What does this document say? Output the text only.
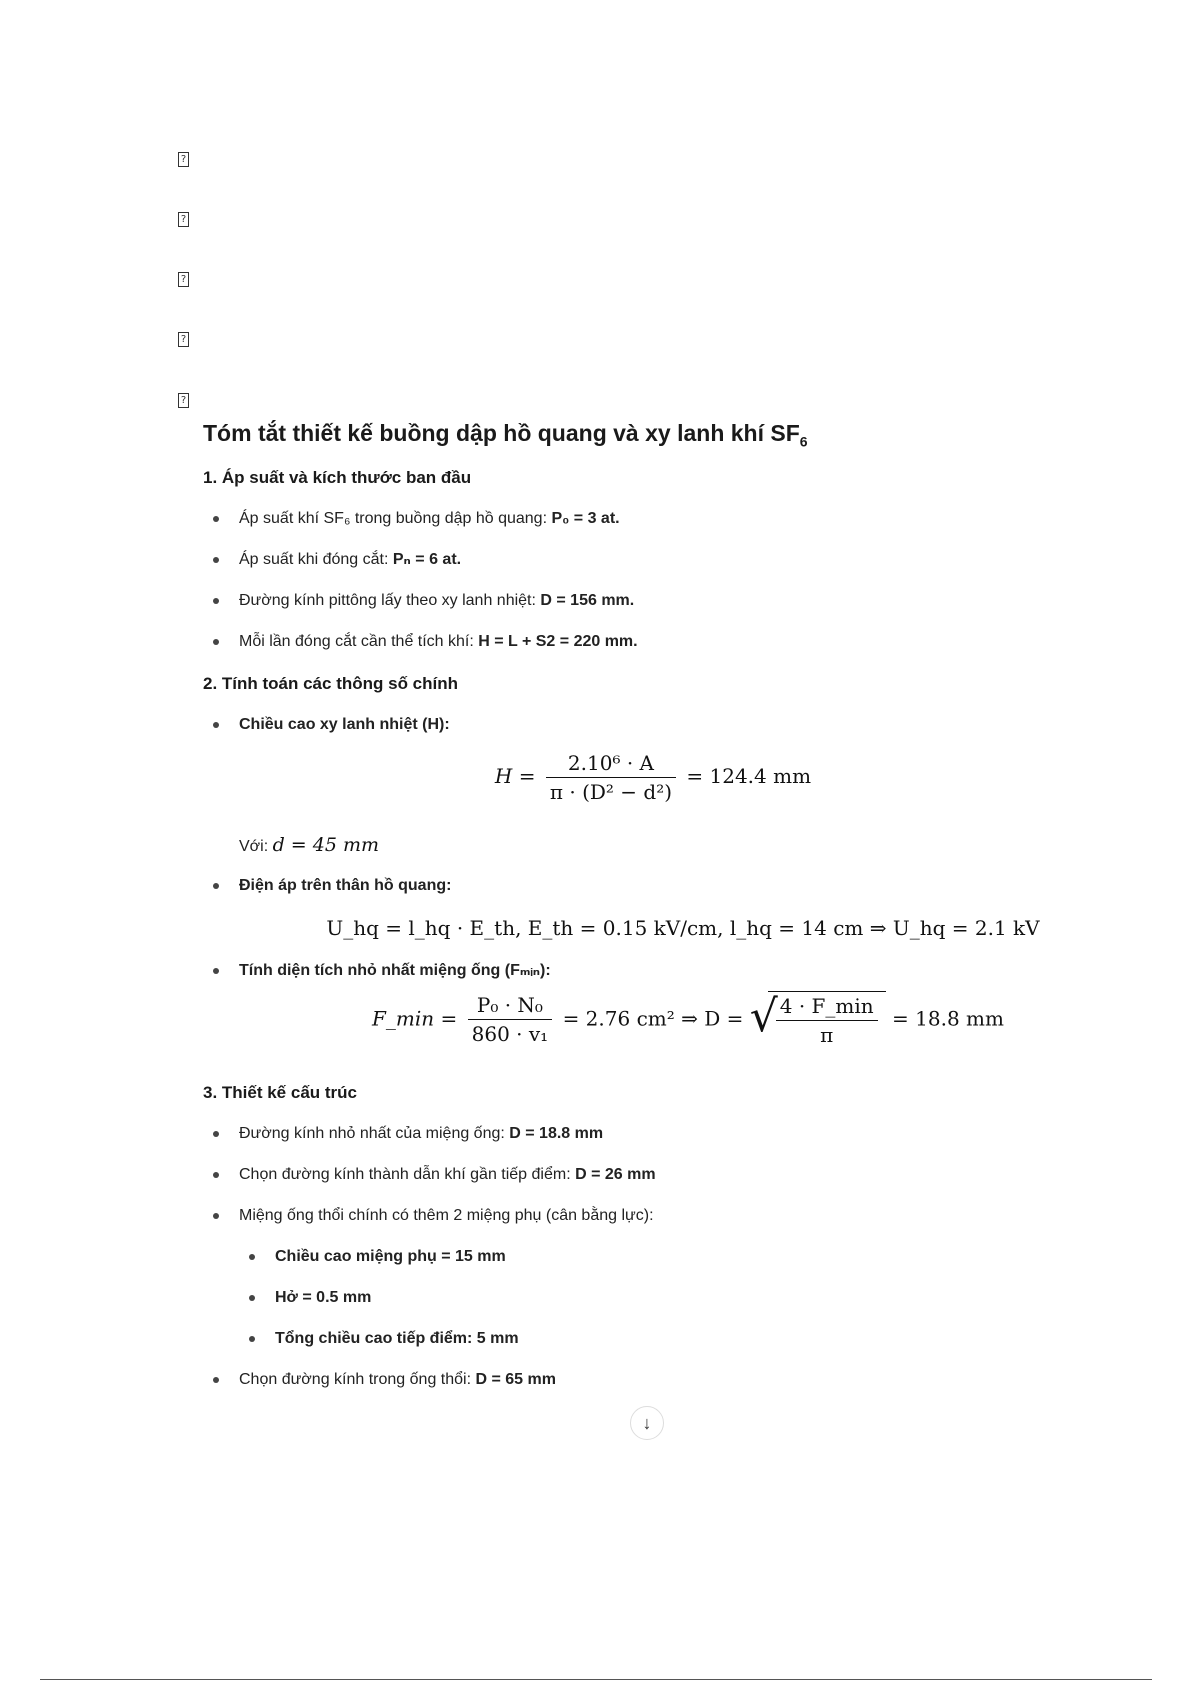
?
?
?
?
?
Tóm tắt thiết kế buồng dập hồ quang và xy lanh khí $SF_6$
1. Áp suất và kích thước ban đầu
Áp suất khí SF₆ trong buồng dập hồ quang: P₀ = 3 at.
Áp suất khi đóng cắt: Pₙ = 6 at.
Đường kính pittông lấy theo xy lanh nhiệt: D = 156 mm.
Mỗi lần đóng cắt cần thể tích khí: H = L + S2 = 220 mm.
2. Tính toán các thông số chính
Chiều cao xy lanh nhiệt (H):
$H = \frac{\text{2.10⁶ · A}}{\text{π · (D² − d²)}} = 124.4$ mm
Với: d = 45 mm
Điện áp trên thân hồ quang:
U_hq = l_hq · E_th, E_th = 0.15 kV/cm, l_hq = 14 cm ⇒ U_hq = 2.1 kV
Tính diện tích nhỏ nhất miệng ống (Fₘᵢₙ):
F_min = $\frac{\text{P₀ · N₀}}{\text{860 · v₁}} = 2.76$ cm² ⇒ D = √
$\frac{4 \cdot F\_\min}{\pi} = 18.8$ mm
3. Thiết kế cấu trúc
Đường kính nhỏ nhất của miệng ống: D = 18.8 mm
Chọn đường kính thành dẫn khí gần tiếp điểm: D = 26 mm
Miệng ống thổi chính có thêm 2 miệng phụ (cân bằng lực):
Chiều cao miệng phụ = 15 mm
Hở = 0.5 mm
Tổng chiều cao tiếp điểm: 5 mm
Chọn đường kính trong ống thổi: D = 65 mm
↓
